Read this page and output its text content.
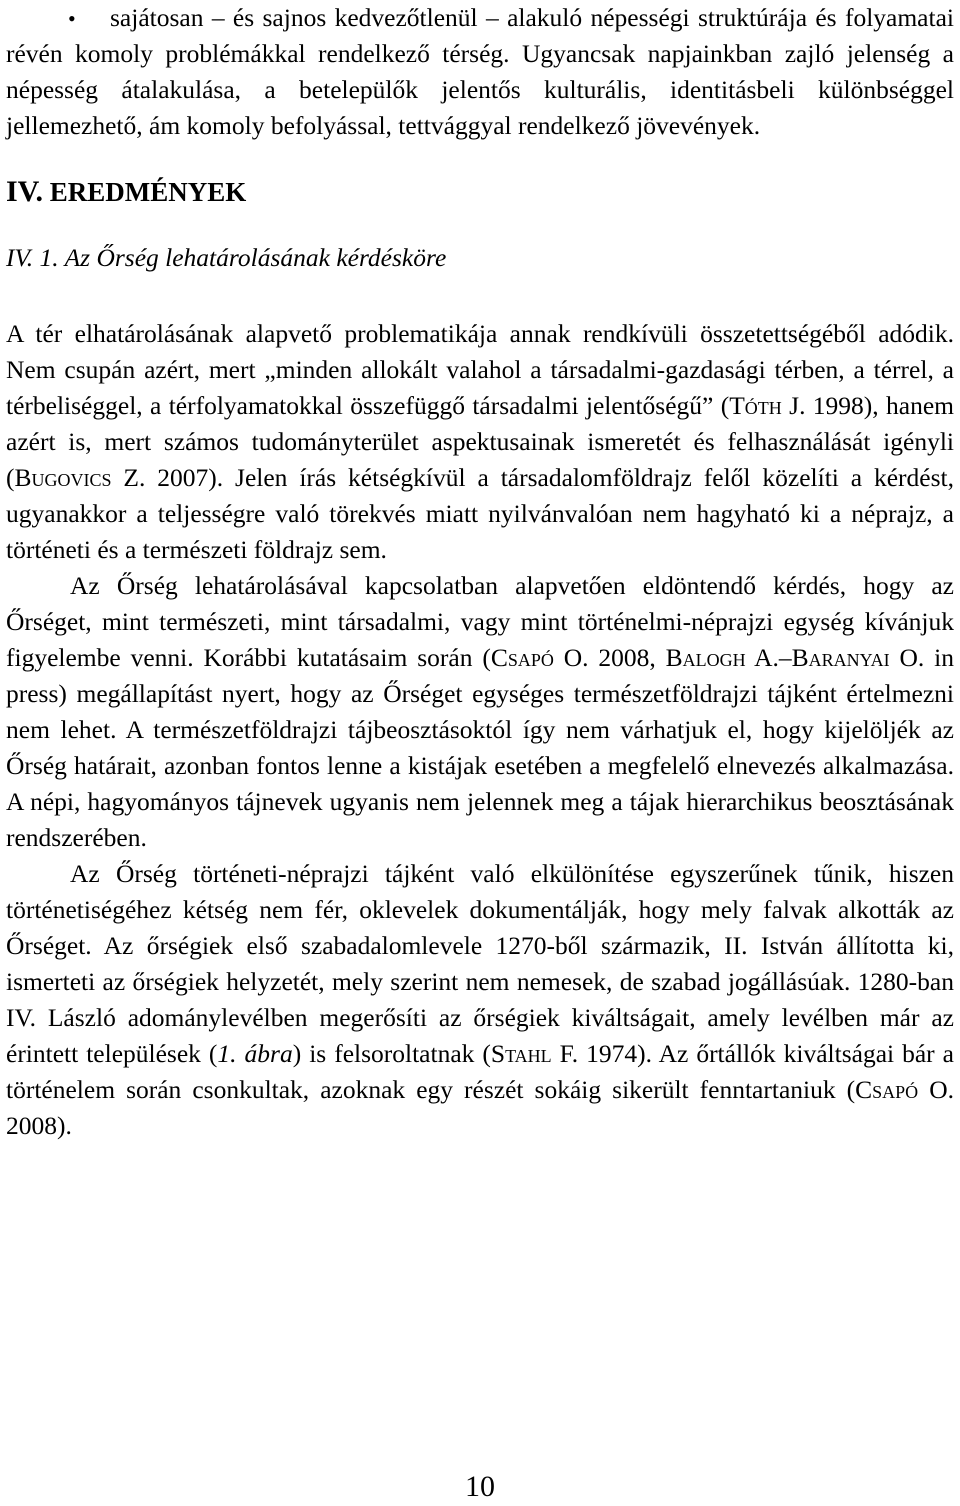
•	sajátosan – és sajnos kedvezőtlenül – alakuló népességi struktúrája és folyamatai révén komoly problémákkal rendelkező térség. Ugyancsak napjainkban zajló jelenség a népesség átalakulása, a betelepülők jelentős kulturális, identitásbeli különbséggel jellemezhető, ám komoly befolyással, tettvággyal rendelkező jövevények.

IV. EREDMÉNYEK
IV. 1. Az Őrség lehatárolásának kérdésköre

A tér elhatárolásának alapvető problematikája annak rendkívüli összetettségéből adódik. Nem csupán azért, mert „minden allokált valahol a társadalmi-gazdasági térben, a térrel, a térbeliséggel, a térfolyamatokkal összefüggő társadalmi jelentőségű” (Tóth J. 1998), hanem azért is, mert számos tudományterület aspektusainak ismeretét és felhasználását igényli (Bugovics Z. 2007). Jelen írás kétségkívül a társadalomföldrajz felől közelíti a kérdést, ugyanakkor a teljességre való törekvés miatt nyilvánvalóan nem hagyható ki a néprajz, a történeti és a természeti földrajz sem.

Az Őrség lehatárolásával kapcsolatban alapvetően eldöntendő kérdés, hogy az Őrséget, mint természeti, mint társadalmi, vagy mint történelmi-néprajzi egység kívánjuk figyelembe venni. Korábbi kutatásaim során (Csapó O. 2008, Balogh A.–Baranyai O. in press) megállapítást nyert, hogy az Őrséget egységes természetföldrajzi tájként értelmezni nem lehet. A természetföldrajzi tájbeosztásoktól így nem várhatjuk el, hogy kijelöljék az Őrség határait, azonban fontos lenne a kistájak esetében a megfelelő elnevezés alkalmazása. A népi, hagyományos tájnevek ugyanis nem jelennek meg a tájak hierarchikus beosztásának rendszerében.

Az Őrség történeti-néprajzi tájként való elkülönítése egyszerűnek tűnik, hiszen történetiségéhez kétség nem fér, oklevelek dokumentálják, hogy mely falvak alkották az Őrséget. Az őrségiek első szabadalomlevele 1270-ből származik, II. István állította ki, ismerteti az őrségiek helyzetét, mely szerint nem nemesek, de szabad jogállásúak. 1280-ban IV. László adománylevélben megerősíti az őrségiek kiváltságait, amely levélben már az érintett települések (1. ábra) is felsoroltatnak (Stahl F. 1974). Az őrtállók kiváltságai bár a történelem során csonkultak, azoknak egy részét sokáig sikerült fenntartaniuk (Csapó O. 2008).

10
